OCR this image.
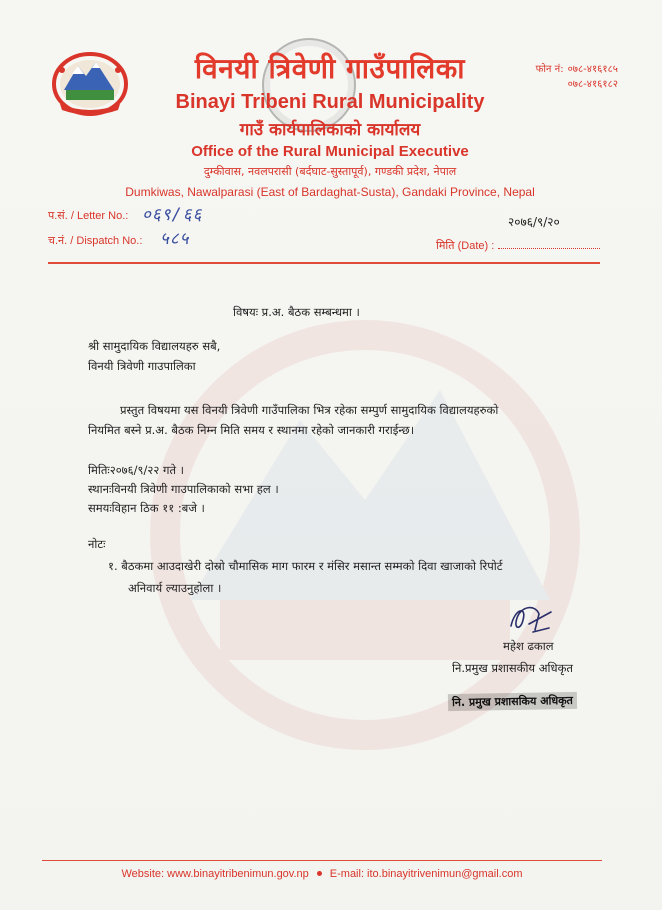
विनयी त्रिवेणी गाउँपालिका
Binayi Tribeni Rural Municipality
गाउँ कार्यपालिकाको कार्यालय
Office of the Rural Municipal Executive
दुम्कीवास, नवलपरासी (बर्दघाट-सुस्तापूर्व), गण्डकी प्रदेश, नेपाल
Dumkiwas, Nawalparasi (East of Bardaghat-Susta), Gandaki Province, Nepal
फोन नं: ०७८-४१६१८५
०७८-४१६१८२
प.सं. / Letter No.: ०६९/६६
च.नं. / Dispatch No.: ५८५
२०७६/९/२०
मिति (Date) :
विषयः प्र.अ. बैठक सम्बन्धमा ।
श्री सामुदायिक विद्यालयहरु सबै,
विनयी त्रिवेणी गाउपालिका
प्रस्तुत विषयमा यस विनयी त्रिवेणी गाउँपालिका भित्र रहेका सम्पुर्ण सामुदायिक विद्यालयहरुको
नियमित बस्ने प्र.अ. बैठक निम्न मिति समय र स्थानमा रहेको जानकारी गराईन्छ।
मितिः२०७६/९/२२ गते ।
स्थानःविनयी त्रिवेणी गाउपालिकाको सभा हल ।
समयःविहान ठिक ११ :बजे ।
नोटः
१. बैठकमा आउदाखेरी दोस्रो चौमासिक माग फारम र मंसिर मसान्त सम्मको दिवा खाजाको रिपोर्ट
अनिवार्य ल्याउनुहोला ।
महेश ढकाल
नि.प्रमुख प्रशासकीय अधिकृत
नि. प्रमुख प्रशासकिय अधिकृत
Website: www.binayitribenimun.gov.np E-mail: ito.binayitrivenimun@gmail.com
